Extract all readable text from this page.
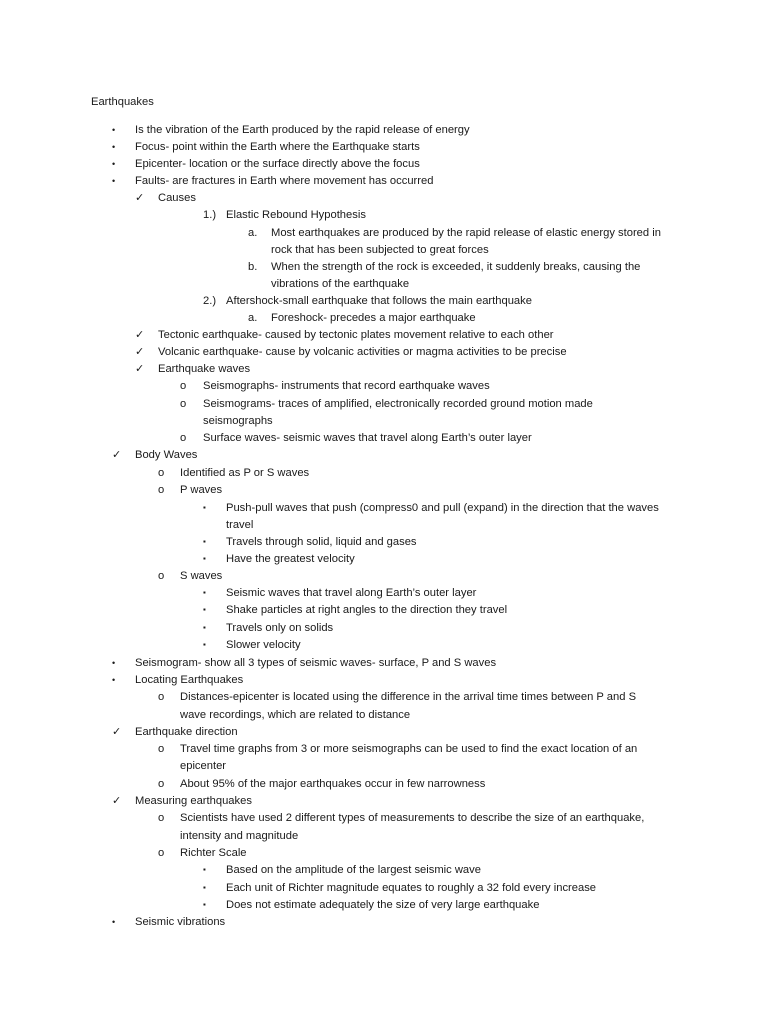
Earthquakes
• Is the vibration of the Earth produced by the rapid release of energy
• Focus- point within the Earth where the Earthquake starts
• Epicenter- location or the surface directly above the focus
• Faults- are fractures in Earth where movement has occurred
✓ Causes
1.) Elastic Rebound Hypothesis
a. Most earthquakes are produced by the rapid release of elastic energy stored in
rock that has been subjected to great forces
b. When the strength of the rock is exceeded, it suddenly breaks, causing the
vibrations of the earthquake
2.) Aftershock-small earthquake that follows the main earthquake
a. Foreshock- precedes a major earthquake
✓ Tectonic earthquake- caused by tectonic plates movement relative to each other
✓ Volcanic earthquake- cause by volcanic activities or magma activities to be precise
✓ Earthquake waves
o Seismographs- instruments that record earthquake waves
o Seismograms- traces of amplified, electronically recorded ground motion made
seismographs
o Surface waves- seismic waves that travel along Earth’s outer layer
✓ Body Waves
o Identified as P or S waves
o P waves
▪ Push-pull waves that push (compress0 and pull (expand) in the direction that the waves
travel
▪ Travels through solid, liquid and gases
▪ Have the greatest velocity
o S waves
▪ Seismic waves that travel along Earth’s outer layer
▪ Shake particles at right angles to the direction they travel
▪ Travels only on solids
▪ Slower velocity
• Seismogram- show all 3 types of seismic waves- surface, P and S waves
• Locating Earthquakes
o Distances-epicenter is located using the difference in the arrival time times between P and S
wave recordings, which are related to distance
✓ Earthquake direction
o Travel time graphs from 3 or more seismographs can be used to find the exact location of an
epicenter
o About 95% of the major earthquakes occur in few narrowness
✓ Measuring earthquakes
o Scientists have used 2 different types of measurements to describe the size of an earthquake,
intensity and magnitude
o Richter Scale
▪ Based on the amplitude of the largest seismic wave
▪ Each unit of Richter magnitude equates to roughly a 32 fold every increase
▪ Does not estimate adequately the size of very large earthquake
• Seismic vibrations
